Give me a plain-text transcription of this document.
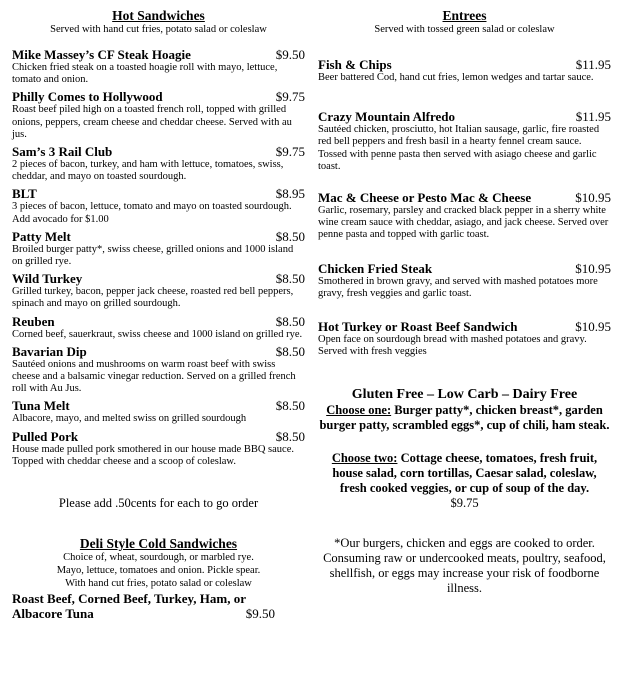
Hot Sandwiches
Served with hand cut fries, potato salad or coleslaw
Mike Massey’s CF Steak Hoagie	$9.50
Chicken fried steak on a toasted hoagie roll with mayo, lettuce, tomato and onion.
Philly Comes to Hollywood	$9.75
Roast beef piled high on a toasted french roll, topped with grilled onions, peppers, cream cheese and cheddar cheese. Served with au jus.
Sam’s 3 Rail Club	$9.75
2 pieces of bacon, turkey, and ham with lettuce, tomatoes, swiss, cheddar, and mayo on toasted sourdough.
BLT	$8.95
3 pieces of bacon, lettuce, tomato and mayo on toasted sourdough. Add avocado for $1.00
Patty Melt	$8.50
Broiled burger patty*, swiss cheese, grilled onions and 1000 island on grilled rye.
Wild Turkey	$8.50
Grilled turkey, bacon, pepper jack cheese, roasted red bell peppers, spinach and mayo on grilled sourdough.
Reuben	$8.50
Corned beef, sauerkraut, swiss cheese and 1000 island on grilled rye.
Bavarian Dip	$8.50
Sautéed onions and mushrooms on warm roast beef with swiss cheese and a balsamic vinegar reduction. Served on a grilled french roll with Au Jus.
Tuna Melt	$8.50
Albacore, mayo, and melted swiss on grilled sourdough
Pulled Pork	$8.50
House made pulled pork smothered in our house made BBQ sauce. Topped with cheddar cheese and a scoop of coleslaw.
Please add .50cents for each to go order
Deli Style Cold Sandwiches
Choice of, wheat, sourdough, or marbled rye.
Mayo, lettuce, tomatoes and onion. Pickle spear.
With hand cut fries, potato salad or coleslaw
Roast Beef, Corned Beef, Turkey, Ham, or
Albacore Tuna	$9.50
Entrees
Served with tossed green salad or coleslaw
Fish & Chips	$11.95
Beer battered Cod, hand cut fries, lemon wedges and tartar sauce.
Crazy Mountain Alfredo	$11.95
Sautéed chicken, prosciutto, hot Italian sausage, garlic, fire roasted red bell peppers and fresh basil in a hearty fennel cream sauce. Tossed with penne pasta then served with asiago cheese and garlic toast.
Mac & Cheese or Pesto Mac & Cheese	$10.95
Garlic, rosemary, parsley and cracked black pepper in a sherry white wine cream sauce with cheddar, asiago, and jack cheese. Served over penne pasta and topped with garlic toast.
Chicken Fried Steak	$10.95
Smothered in brown gravy, and served with mashed potatoes more gravy, fresh veggies and garlic toast.
Hot Turkey or Roast Beef Sandwich	$10.95
Open face on sourdough bread with mashed potatoes and gravy. Served with fresh veggies
Gluten Free – Low Carb – Dairy Free
Choose one: Burger patty*, chicken breast*, garden burger patty, scrambled eggs*, cup of chili, ham steak.
Choose two: Cottage cheese, tomatoes, fresh fruit, house salad, corn tortillas, Caesar salad, coleslaw, fresh cooked veggies, or cup of soup of the day.
$9.75
*Our burgers, chicken and eggs are cooked to order. Consuming raw or undercooked meats, poultry, seafood, shellfish, or eggs may increase your risk of foodborne illness.
